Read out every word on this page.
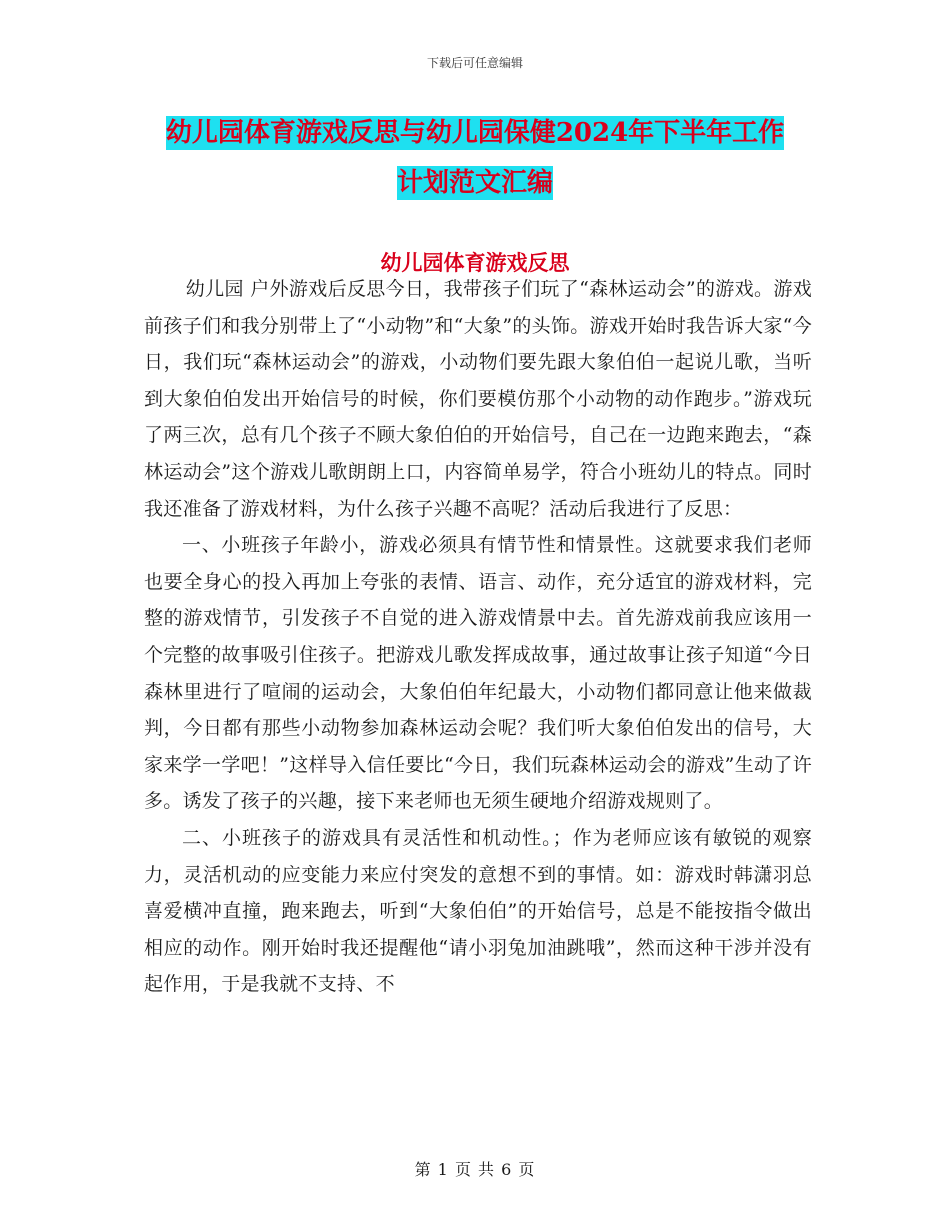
下载后可任意编辑
幼儿园体育游戏反思与幼儿园保健2024年下半年工作
计划范文汇编
幼儿园体育游戏反思

幼儿园 户外游戏后反思今日，我带孩子们玩了“森林运动会”的游戏。游戏前孩子们和我分别带上了“小动物”和“大象”的头饰。游戏开始时我告诉大家“今日，我们玩“森林运动会”的游戏，小动物们要先跟大象伯伯一起说儿歌，当听到大象伯伯发出开始信号的时候，你们要模仿那个小动物的动作跑步。”游戏玩了两三次，总有几个孩子不顾大象伯伯的开始信号，自己在一边跑来跑去，“森林运动会”这个游戏儿歌朗朗上口，内容简单易学，符合小班幼儿的特点。同时我还准备了游戏材料，为什么孩子兴趣不高呢？活动后我进行了反思：

一、小班孩子年龄小，游戏必须具有情节性和情景性。这就要求我们老师也要全身心的投入再加上夸张的表情、语言、动作，充分适宜的游戏材料，完整的游戏情节，引发孩子不自觉的进入游戏情景中去。首先游戏前我应该用一个完整的故事吸引住孩子。把游戏儿歌发挥成故事，通过故事让孩子知道“今日森林里进行了喧闹的运动会，大象伯伯年纪最大，小动物们都同意让他来做裁判，今日都有那些小动物参加森林运动会呢？我们听大象伯伯发出的信号，大家来学一学吧！”这样导入信任要比“今日，我们玩森林运动会的游戏”生动了许多。诱发了孩子的兴趣，接下来老师也无须生硬地介绍游戏规则了。

二、小班孩子的游戏具有灵活性和机动性。；作为老师应该有敏锐的观察力，灵活机动的应变能力来应付突发的意想不到的事情。如：游戏时韩潇羽总喜爱横冲直撞，跑来跑去，听到“大象伯伯”的开始信号，总是不能按指令做出相应的动作。刚开始时我还提醒他“请小羽兔加油跳哦”，然而这种干涉并没有起作用，于是我就不支持、不

第 1 页 共 6 页
